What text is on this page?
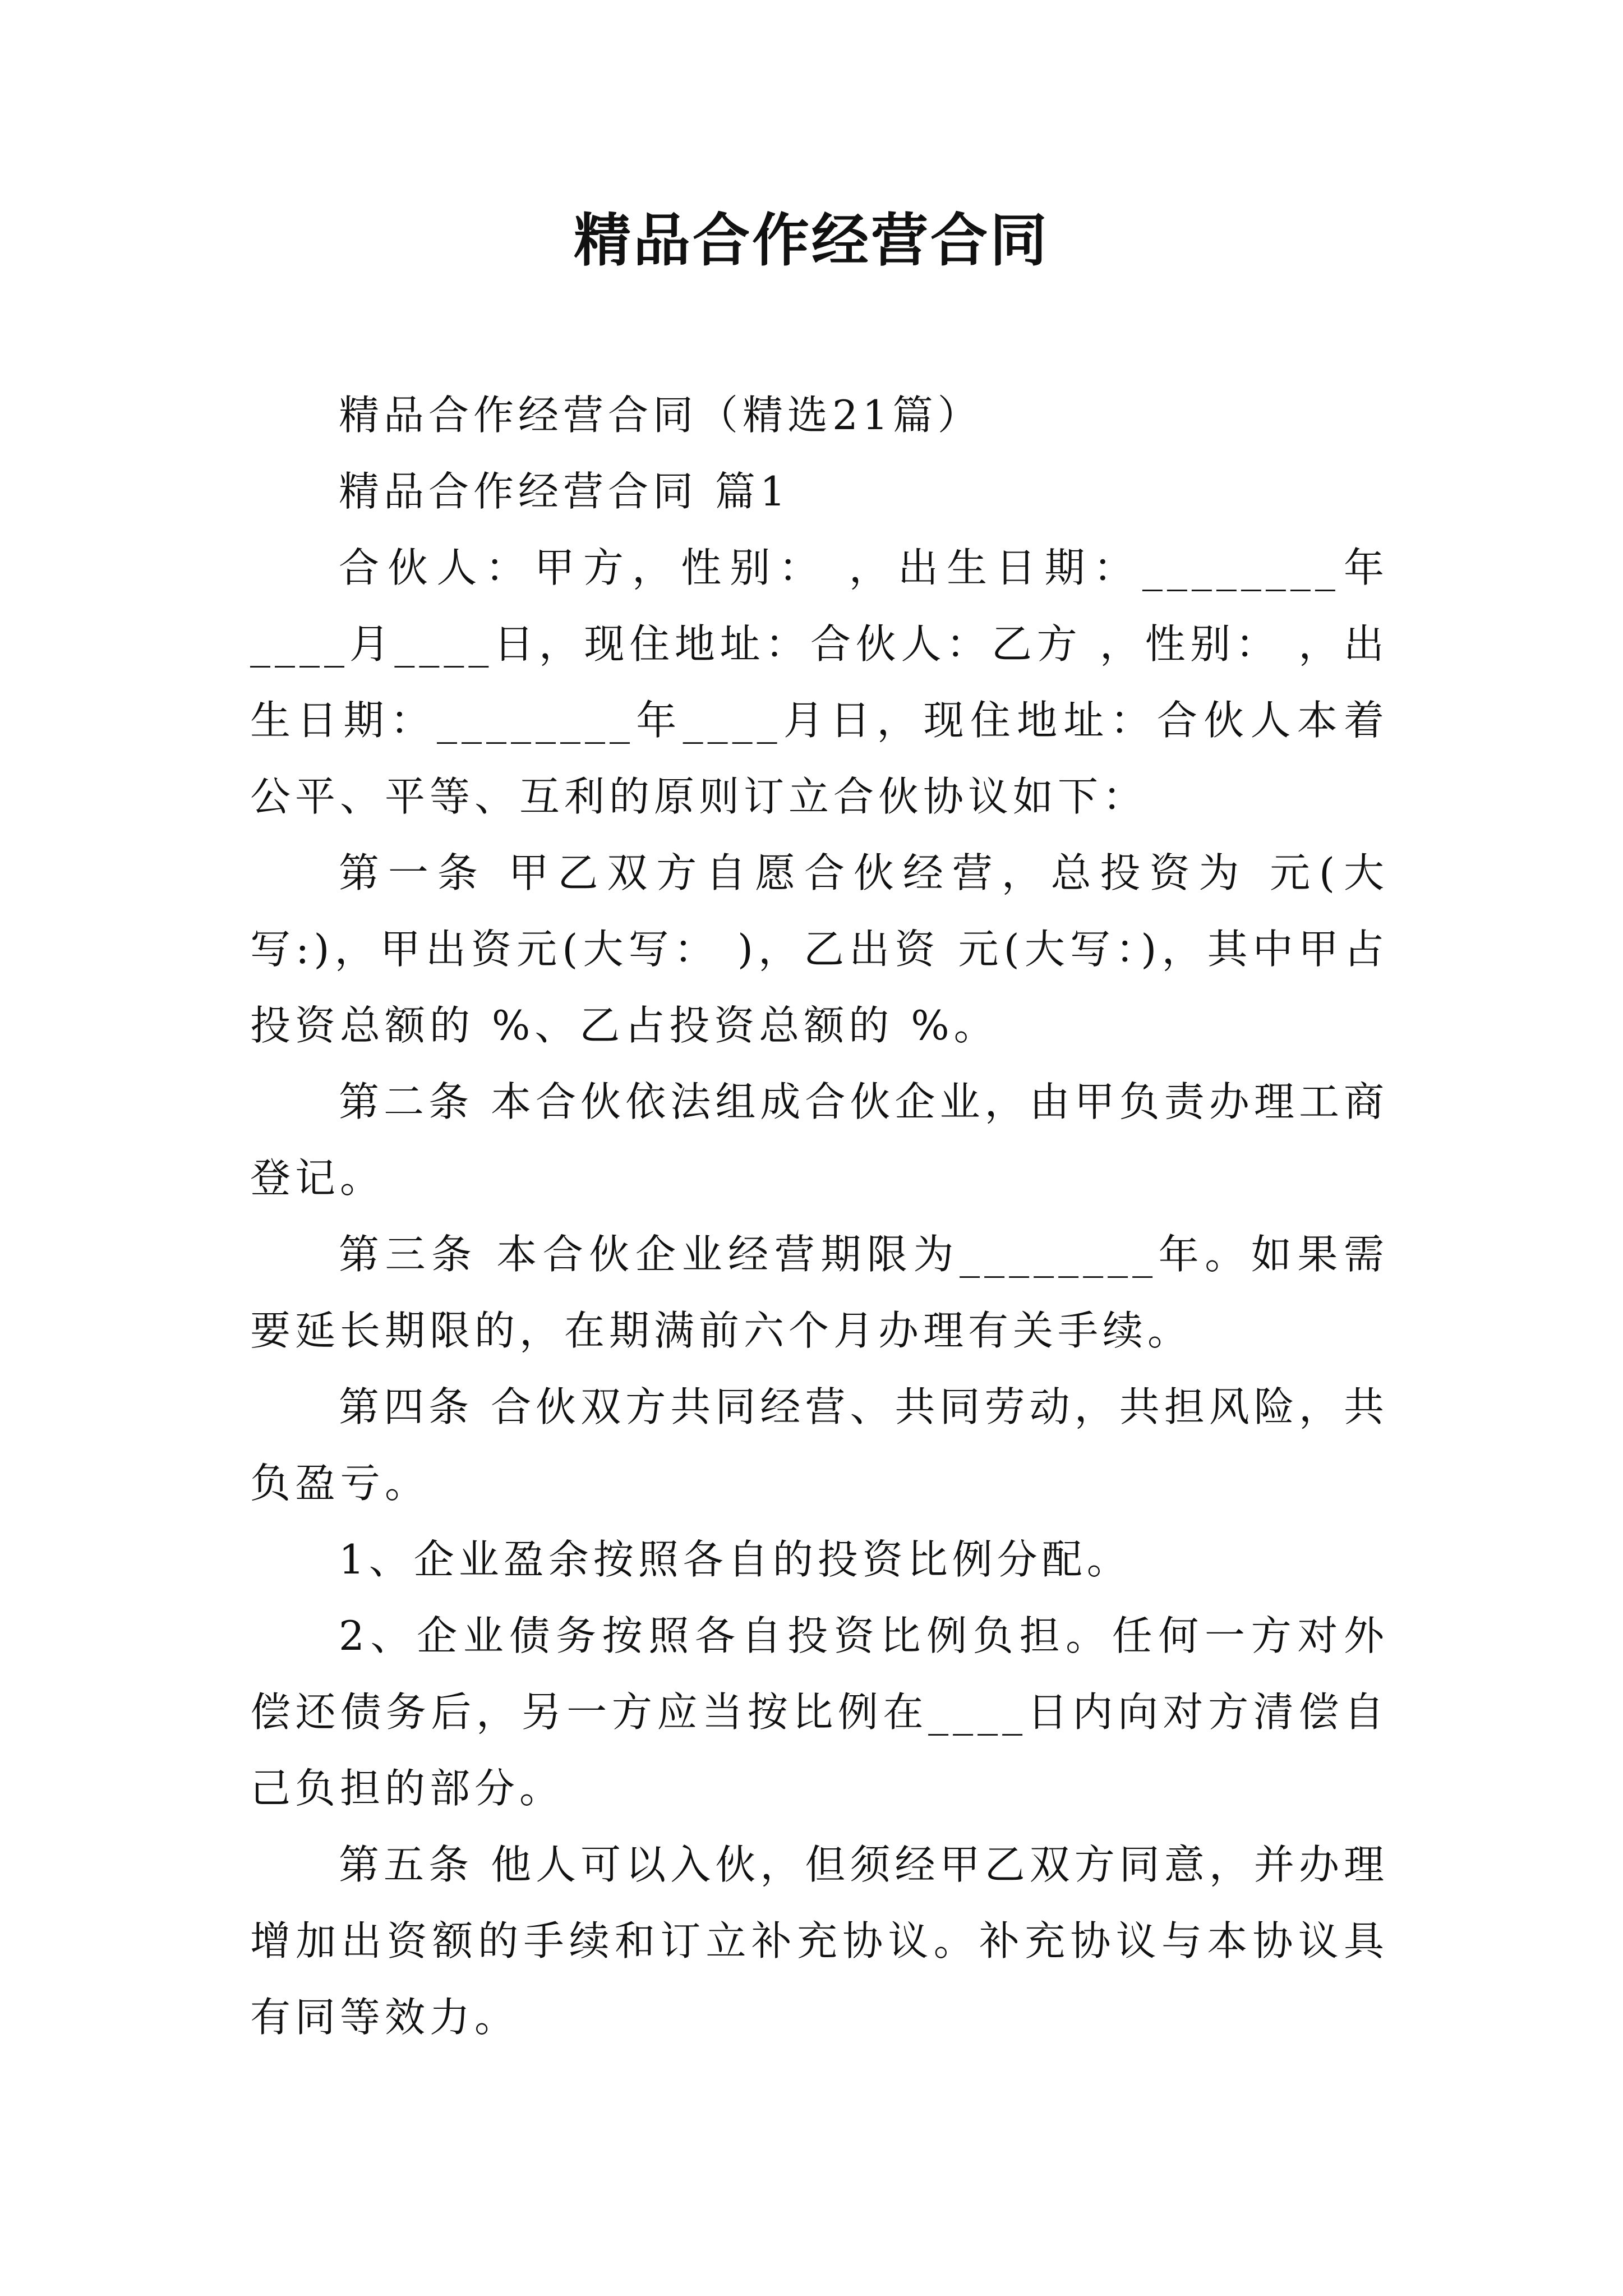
精品合作经营合同

精品合作经营合同（精选21篇）

精品合作经营合同 篇1

合伙人：甲方，性别： ，出生日期：________年____月____日，现住地址：合伙人：乙方 ，性别： ，出生日期：________年____月日，现住地址：合伙人本着公平、平等、互利的原则订立合伙协议如下：

第一条 甲乙双方自愿合伙经营，总投资为 元(大写:)，甲出资元(大写： )，乙出资 元(大写：)，其中甲占投资总额的 %、乙占投资总额的 %。

第二条 本合伙依法组成合伙企业，由甲负责办理工商登记。

第三条 本合伙企业经营期限为________年。如果需要延长期限的，在期满前六个月办理有关手续。

第四条 合伙双方共同经营、共同劳动，共担风险，共负盈亏。

1、企业盈余按照各自的投资比例分配。

2、企业债务按照各自投资比例负担。任何一方对外偿还债务后，另一方应当按比例在____日内向对方清偿自己负担的部分。

第五条 他人可以入伙，但须经甲乙双方同意，并办理增加出资额的手续和订立补充协议。补充协议与本协议具有同等效力。
